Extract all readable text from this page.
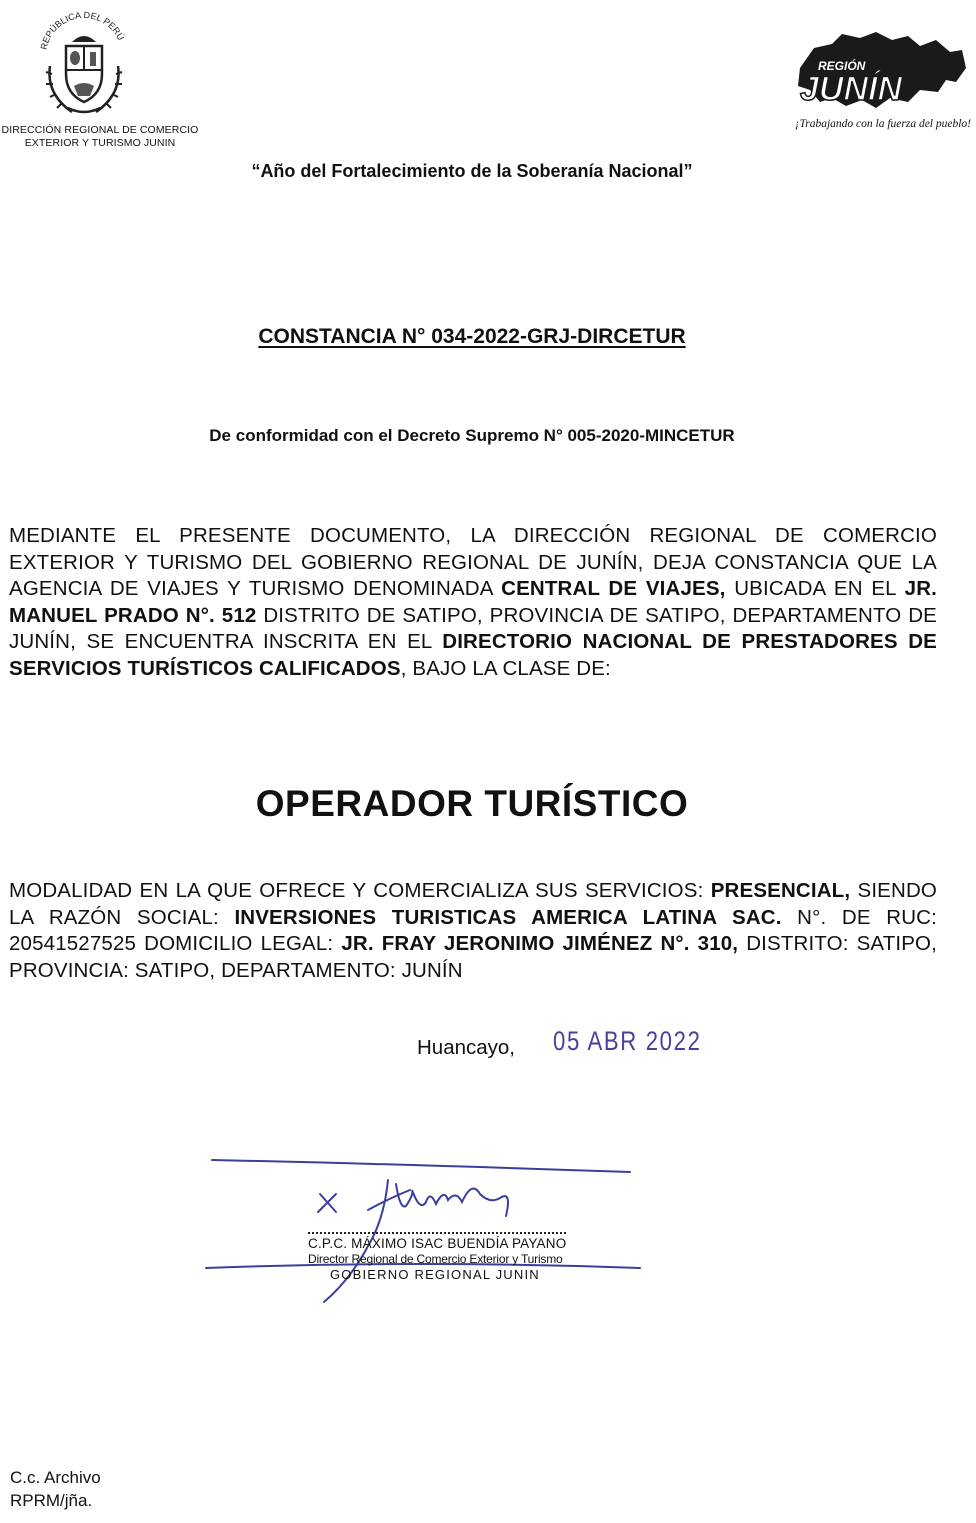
REPÚBLICA DEL PERÚ
DIRECCIÓN REGIONAL DE COMERCIO
EXTERIOR Y TURISMO JUNIN
REGIÓN
JUNÍN
¡Trabajando con la fuerza del pueblo!
“Año del Fortalecimiento de la Soberanía Nacional”
CONSTANCIA N° 034-2022-GRJ-DIRCETUR
De conformidad con el Decreto Supremo N° 005-2020-MINCETUR
MEDIANTE EL PRESENTE DOCUMENTO, LA DIRECCIÓN REGIONAL DE COMERCIO EXTERIOR Y TURISMO DEL GOBIERNO REGIONAL DE JUNÍN, DEJA CONSTANCIA QUE LA AGENCIA DE VIAJES Y TURISMO DENOMINADA CENTRAL DE VIAJES, UBICADA EN EL JR. MANUEL PRADO N°. 512 DISTRITO DE SATIPO, PROVINCIA DE SATIPO, DEPARTAMENTO DE JUNÍN, SE ENCUENTRA INSCRITA EN EL DIRECTORIO NACIONAL DE PRESTADORES DE SERVICIOS TURÍSTICOS CALIFICADOS, BAJO LA CLASE DE:
OPERADOR TURÍSTICO
MODALIDAD EN LA QUE OFRECE Y COMERCIALIZA SUS SERVICIOS: PRESENCIAL, SIENDO LA RAZÓN SOCIAL: INVERSIONES TURISTICAS AMERICA LATINA SAC. N°. DE RUC: 20541527525 DOMICILIO LEGAL: JR. FRAY JERONIMO JIMÉNEZ N°. 310, DISTRITO: SATIPO, PROVINCIA: SATIPO, DEPARTAMENTO: JUNÍN
Huancayo, 05 ABR 2022
C.P.C. MÁXIMO ISAC BUENDÍA PAYANO
Director Regional de Comercio Exterior y Turismo
GOBIERNO REGIONAL JUNIN
C.c. Archivo
RPRM/jña.
